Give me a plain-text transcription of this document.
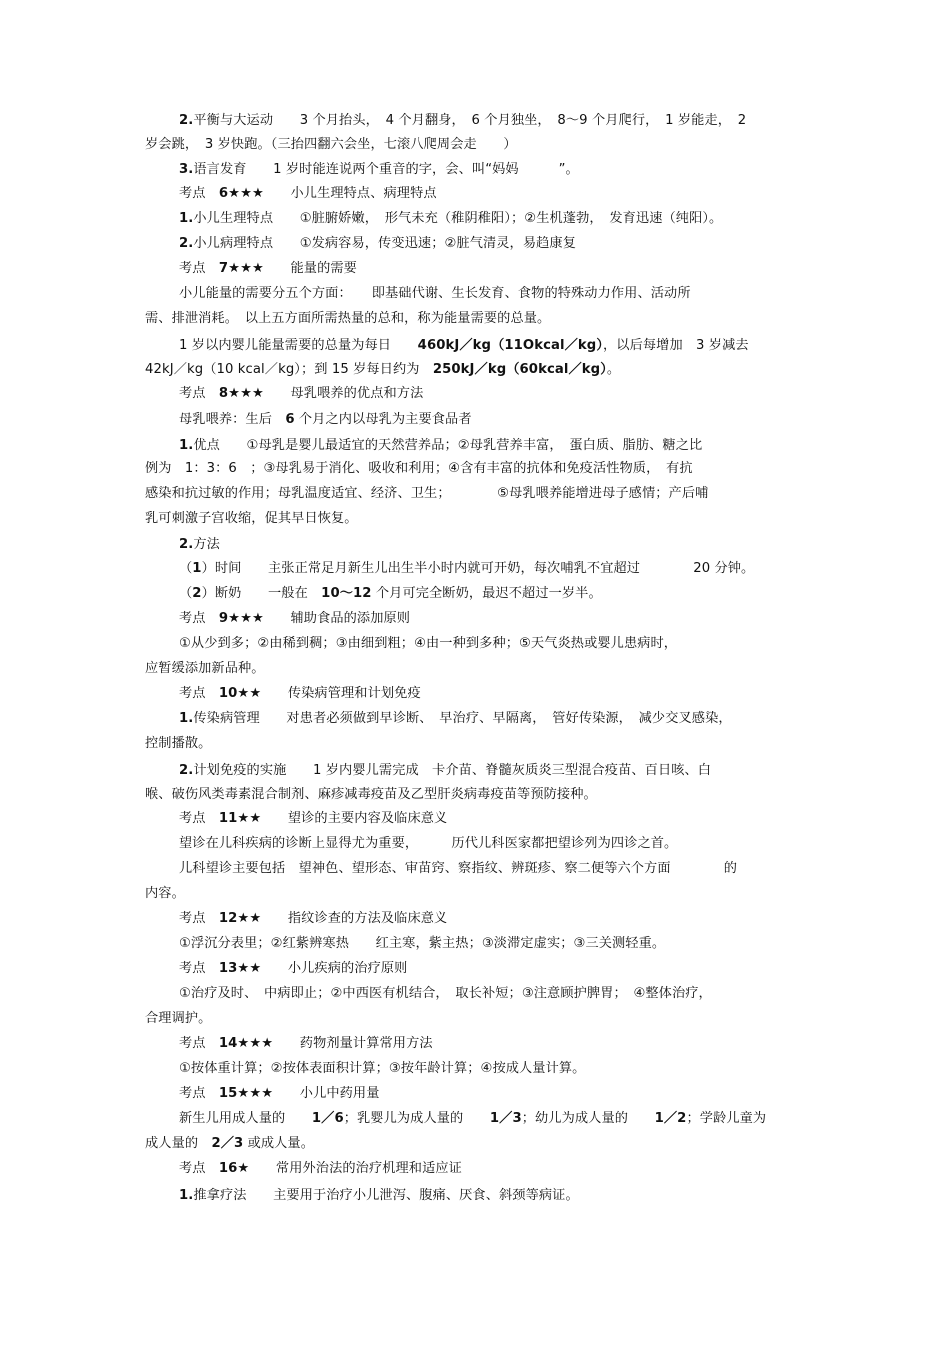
2.平衡与大运动　　3 个月抬头，　4 个月翻身，　6 个月独坐，　8～9 个月爬行，　1 岁能走，　2
岁会跳，　3 岁快跑。（三抬四翻六会坐，七滚八爬周会走　　）
3.语言发育　　1 岁时能连说两个重音的字，会、叫“妈妈　　　”。
考点　6★★★　　小儿生理特点、病理特点
1.小儿生理特点　　①脏腑娇嫩，　形气未充（稚阴稚阳）；②生机蓬勃，　发育迅速（纯阳）。
2.小儿病理特点　　①发病容易，传变迅速；②脏气清灵，易趋康复
考点　7★★★　　能量的需要
小儿能量的需要分五个方面：　　即基础代谢、生长发育、食物的特殊动力作用、活动所
需、排泄消耗。　以上五方面所需热量的总和，称为能量需要的总量。
1 岁以内婴儿能量需要的总量为每日　　460kJ／kg（11Okcal／kg），以后每增加　3 岁减去
42kJ／kg（10 kcal／kg）；到 15 岁每日约为　250kJ／kg（60kcal／kg）。
考点　8★★★　　母乳喂养的优点和方法
母乳喂养：生后　6 个月之内以母乳为主要食品者
1.优点　　①母乳是婴儿最适宜的天然营养品；②母乳营养丰富，　蛋白质、脂肪、糖之比
例为　1：3：6　；③母乳易于消化、吸收和利用；④含有丰富的抗体和免疫活性物质，　有抗
感染和抗过敏的作用；母乳温度适宜、经济、卫生；　　　　⑤母乳喂养能增进母子感情；产后哺
乳可刺激子宫收缩，促其早日恢复。
2.方法
（1）时间　　主张正常足月新生儿出生半小时内就可开奶，每次哺乳不宜超过　　　　20 分钟。
（2）断奶　　一般在　10～12 个月可完全断奶，最迟不超过一岁半。
考点　9★★★　　辅助食品的添加原则
①从少到多；②由稀到稠；③由细到粗；④由一种到多种；⑤天气炎热或婴儿患病时，
应暂缓添加新品种。
考点　10★★　　传染病管理和计划免疫
1.传染病管理　　对患者必须做到早诊断、　早治疗、早隔离，　管好传染源，　减少交叉感染，
控制播散。
2.计划免疫的实施　　1 岁内婴儿需完成　卡介苗、脊髓灰质炎三型混合疫苗、百日咳、白
喉、破伤风类毒素混合制剂、麻疹减毒疫苗及乙型肝炎病毒疫苗等预防接种。
考点　11★★　　望诊的主要内容及临床意义
望诊在儿科疾病的诊断上显得尤为重要，　　　历代儿科医家都把望诊列为四诊之首。
儿科望诊主要包括　望神色、望形态、审苗窍、察指纹、辨斑疹、察二便等六个方面　　　　的
内容。
考点　12★★　　指纹诊查的方法及临床意义
①浮沉分表里；②红紫辨寒热　　红主寒，紫主热；③淡滞定虚实；③三关测轻重。
考点　13★★　　小儿疾病的治疗原则
①治疗及时、　中病即止；②中西医有机结合，　取长补短；③注意顾护脾胃；　④整体治疗，
合理调护。
考点　14★★★　　药物剂量计算常用方法
①按体重计算；②按体表面积计算；③按年龄计算；④按成人量计算。
考点　15★★★　　小儿中药用量
新生儿用成人量的　　1／6；乳婴儿为成人量的　　1／3；幼儿为成人量的　　1／2；学龄儿童为
成人量的　2／3 或成人量。
考点　16★　　常用外治法的治疗机理和适应证
1.推拿疗法　　主要用于治疗小儿泄泻、腹痛、厌食、斜颈等病证。
